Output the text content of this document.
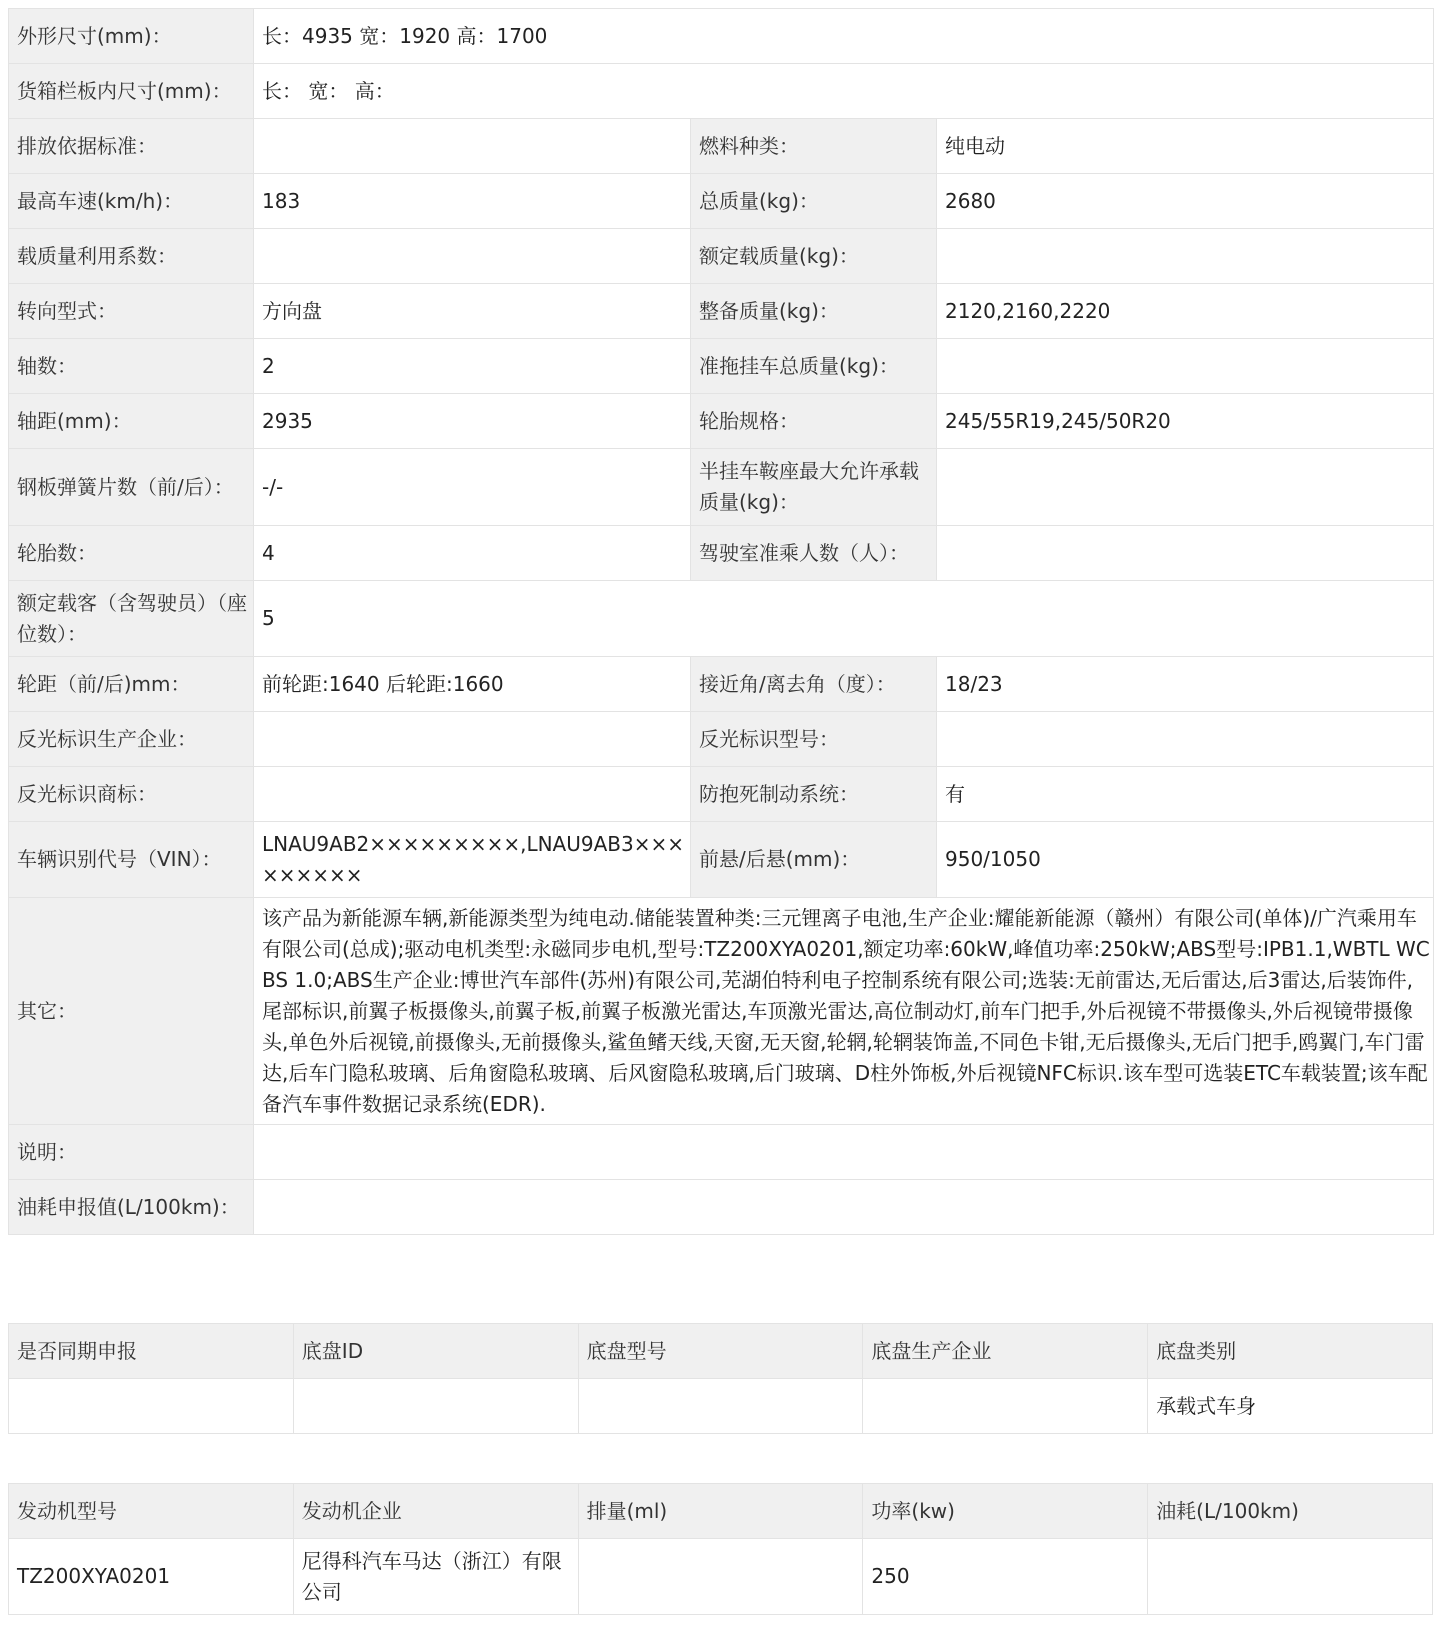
外形尺寸(mm)：	长：4935 宽：1920 高：1700		
货箱栏板内尺寸(mm)：	长： 宽： 高：		
排放依据标准：		燃料种类：	纯电动
最高车速(km/h)：	183	总质量(kg)：	2680
载质量利用系数：		额定载质量(kg)：	
转向型式：	方向盘	整备质量(kg)：	2120,2160,2220
轴数：	2	准拖挂车总质量(kg)：	
轴距(mm)：	2935	轮胎规格：	245/55R19,245/50R20
钢板弹簧片数（前/后）：	-/-	半挂车鞍座最大允许承载质量(kg)：	
轮胎数：	4	驾驶室准乘人数（人）：	
额定载客（含驾驶员）（座位数）：	5		
轮距（前/后)mm：	前轮距:1640 后轮距:1660	接近角/离去角（度）：	18/23
反光标识生产企业：		反光标识型号：	
反光标识商标：		防抱死制动系统：	有
车辆识别代号（VIN）：	LNAU9AB2×××××××××,LNAU9AB3×××××××××	前悬/后悬(mm)：	950/1050
其它：	该产品为新能源车辆,新能源类型为纯电动.储能装置种类:三元锂离子电池,生产企业:耀能新能源（赣州）有限公司(单体)/广汽乘用车有限公司(总成);驱动电机类型:永磁同步电机,型号:TZ200XYA0201,额定功率:60kW,峰值功率:250kW;ABS型号:IPB1.1,WBTL WCBS 1.0;ABS生产企业:博世汽车部件(苏州)有限公司,芜湖伯特利电子控制系统有限公司;选装:无前雷达,无后雷达,后3雷达,后装饰件,尾部标识,前翼子板摄像头,前翼子板,前翼子板激光雷达,车顶激光雷达,高位制动灯,前车门把手,外后视镜不带摄像头,外后视镜带摄像头,单色外后视镜,前摄像头,无前摄像头,鲨鱼鳍天线,天窗,无天窗,轮辋,轮辋装饰盖,不同色卡钳,无后摄像头,无后门把手,鸥翼门,车门雷达,后车门隐私玻璃、后角窗隐私玻璃、后风窗隐私玻璃,后门玻璃、D柱外饰板,外后视镜NFC标识.该车型可选装ETC车载装置;该车配备汽车事件数据记录系统(EDR).		
说明：			
油耗申报值(L/100km)：			
是否同期申报	底盘ID	底盘型号	底盘生产企业	底盘类别
				承载式车身
发动机型号	发动机企业	排量(ml)	功率(kw)	油耗(L/100km)
TZ200XYA0201	尼得科汽车马达（浙江）有限公司		250	
